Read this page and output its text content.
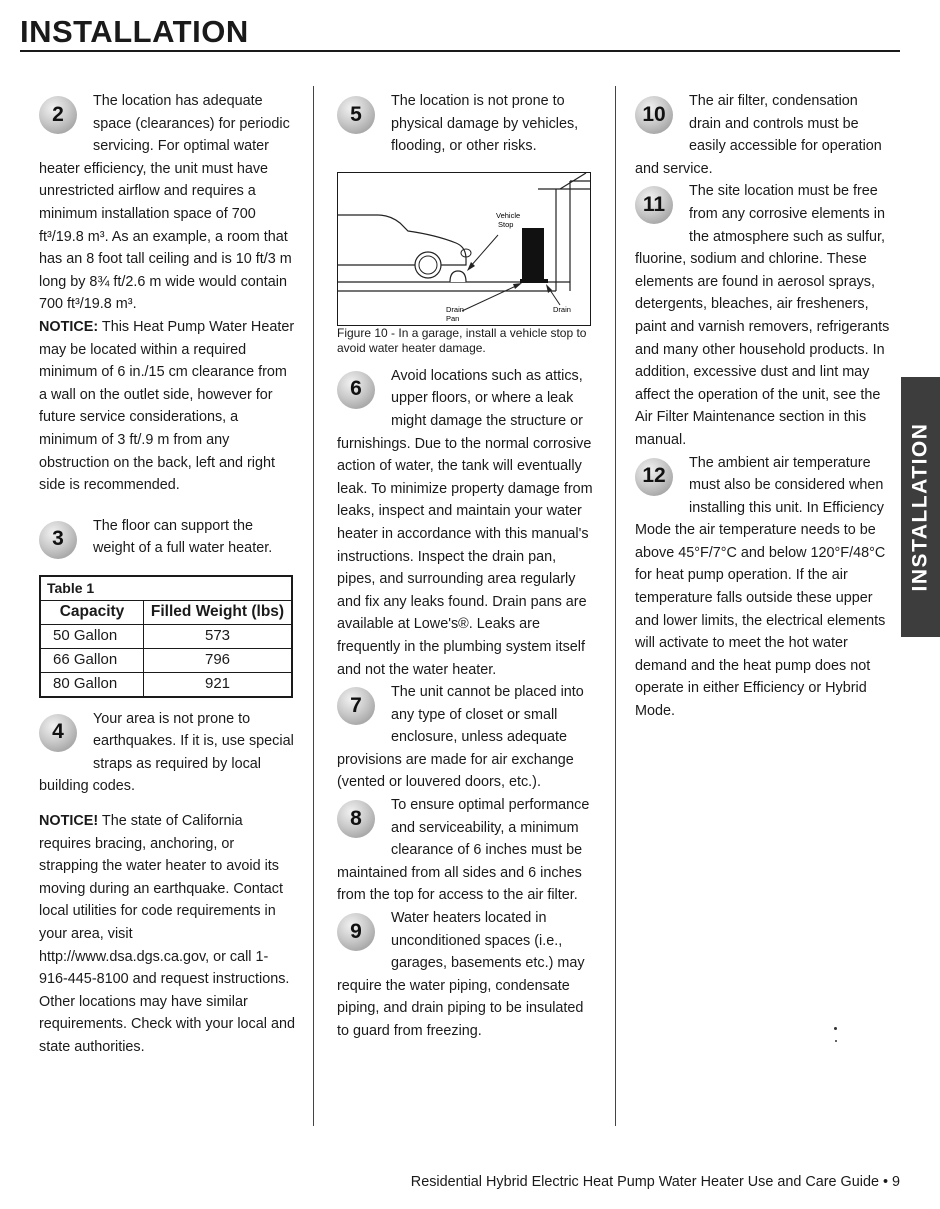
INSTALLATION
2

The location has adequate space (clearances) for periodic servicing. For optimal water heater efficiency, the unit must have unrestricted airflow and requires a minimum installation space of 700 ft³/19.8 m³. As an example, a room that has an 8 foot tall ceiling and is 10 ft/3 m long by 8¾ ft/2.6 m wide would contain 700 ft³/19.8 m³.

NOTICE: This Heat Pump Water Heater may be located within a required minimum of 6 in./15 cm clearance from a wall on the outlet side, however for future service considerations, a minimum of 3 ft/.9 m from any obstruction on the back, left and right side is recommended.

3

The floor can support the weight of a full water heater.

Table 1	
Capacity	Filled Weight (lbs)
50 Gallon	573
66 Gallon	796
80 Gallon	921
4

Your area is not prone to earthquakes. If it is, use special straps as required by local building codes.

NOTICE! The state of California requires bracing, anchoring, or strapping the water heater to avoid its moving during an earthquake. Contact local utilities for code requirements in your area, visit http://www.dsa.dgs.ca.gov, or call 1-916-445-8100 and request instructions. Other locations may have similar requirements. Check with your local and state authorities.

5

The location is not prone to physical damage by vehicles, flooding, or other risks.

Vehicle
Stop
Drain
Pan
Drain

Figure 10 - In a garage, install a vehicle stop to avoid water heater damage.

6

Avoid locations such as attics, upper floors, or where a leak might damage the structure or furnishings. Due to the normal corrosive action of water, the tank will eventually leak. To minimize property damage from leaks, inspect and maintain your water heater in accordance with this manual's instructions. Inspect the drain pan, pipes, and surrounding area regularly and fix any leaks found. Drain pans are available at Lowe's®. Leaks are frequently in the plumbing system itself and not the water heater.

7

The unit cannot be placed into any type of closet or small enclosure, unless adequate provisions are made for air exchange (vented or louvered doors, etc.).

8

To ensure optimal performance and serviceability, a minimum clearance of 6 inches must be maintained from all sides and 6 inches from the top for access to the air filter.

9

Water heaters located in unconditioned spaces (i.e., garages, basements etc.) may require the water piping, condensate piping, and drain piping to be insulated to guard from freezing.

10

The air filter, condensation drain and controls must be easily accessible for operation and service.

11

The site location must be free from any corrosive elements in the atmosphere such as sulfur, fluorine, sodium and chlorine. These elements are found in aerosol sprays, detergents, bleaches, air fresheners, paint and varnish removers, refrigerants and many other household products. In addition, excessive dust and lint may affect the operation of the unit, see the Air Filter Maintenance section in this manual.

12

The ambient air temperature must also be considered when installing this unit. In Efficiency Mode the air temperature needs to be above 45°F/7°C and below 120°F/48°C for heat pump operation. If the air temperature falls outside these upper and lower limits, the electrical elements will activate to meet the hot water demand and the heat pump does not operate in either Efficiency or Hybrid Mode.

INSTALLATION
Residential Hybrid Electric Heat Pump Water Heater Use and Care Guide • 9
